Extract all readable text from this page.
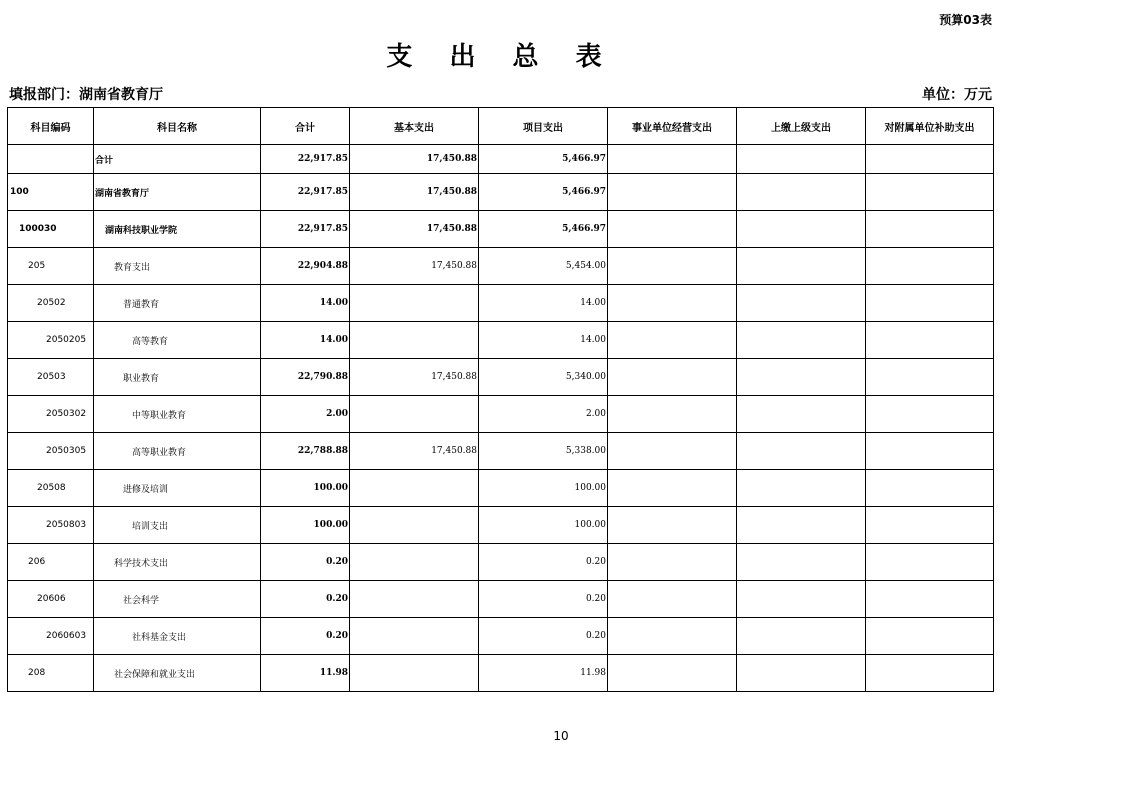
预算03表
支 出 总 表
填报部门：湖南省教育厅	单位：万元
科目编码	科目名称	合计	基本支出	项目支出	事业单位经营支出	上缴上级支出	对附属单位补助支出
	合计	22,917.85	17,450.88	5,466.97			
100	湖南省教育厅	22,917.85	17,450.88	5,466.97			
100030	湖南科技职业学院	22,917.85	17,450.88	5,466.97			
205	教育支出	22,904.88	17,450.88	5,454.00			
20502	普通教育	14.00		14.00			
2050205	高等教育	14.00		14.00			
20503	职业教育	22,790.88	17,450.88	5,340.00			
2050302	中等职业教育	2.00		2.00			
2050305	高等职业教育	22,788.88	17,450.88	5,338.00			
20508	进修及培训	100.00		100.00			
2050803	培训支出	100.00		100.00			
206	科学技术支出	0.20		0.20			
20606	社会科学	0.20		0.20			
2060603	社科基金支出	0.20		0.20			
208	社会保障和就业支出	11.98		11.98			
10
